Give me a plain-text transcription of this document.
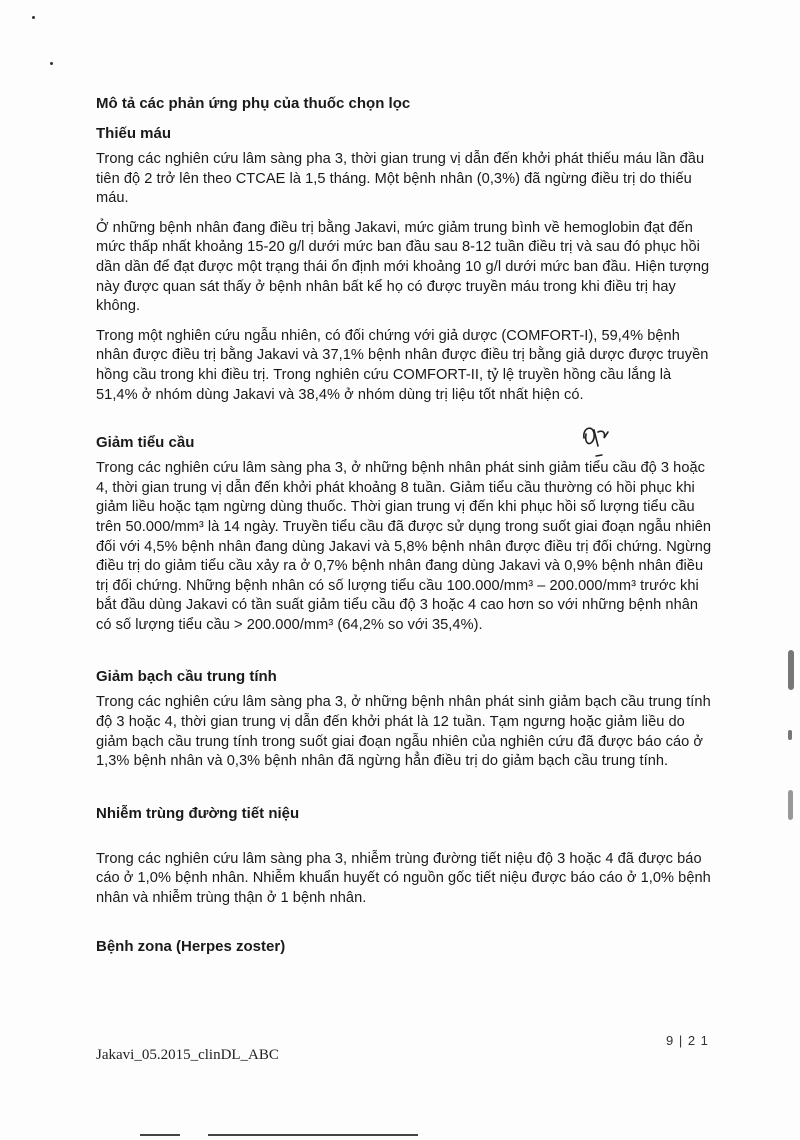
Mô tả các phản ứng phụ của thuốc chọn lọc
Thiếu máu

Trong các nghiên cứu lâm sàng pha 3, thời gian trung vị dẫn đến khởi phát thiếu máu lần đầu tiên độ 2 trở lên theo CTCAE là 1,5 tháng. Một bệnh nhân (0,3%) đã ngừng điều trị do thiếu máu.

Ở những bệnh nhân đang điều trị bằng Jakavi, mức giảm trung bình về hemoglobin đạt đến mức thấp nhất khoảng 15-20 g/l dưới mức ban đầu sau 8-12 tuần điều trị và sau đó phục hồi dần dần để đạt được một trạng thái ổn định mới khoảng 10 g/l dưới mức ban đầu. Hiện tượng này được quan sát thấy ở bệnh nhân bất kể họ có được truyền máu trong khi điều trị hay không.

Trong một nghiên cứu ngẫu nhiên, có đối chứng với giả dược (COMFORT-I), 59,4% bệnh nhân được điều trị bằng Jakavi và 37,1% bệnh nhân được điều trị bằng giả dược được truyền hồng cầu trong khi điều trị. Trong nghiên cứu COMFORT-II, tỷ lệ truyền hồng cầu lắng là 51,4% ở nhóm dùng Jakavi và 38,4% ở nhóm dùng trị liệu tốt nhất hiện có.

Giảm tiểu cầu

Trong các nghiên cứu lâm sàng pha 3, ở những bệnh nhân phát sinh giảm tiểu cầu độ 3 hoặc 4, thời gian trung vị dẫn đến khởi phát khoảng 8 tuần. Giảm tiểu cầu thường có hồi phục khi giảm liều hoặc tạm ngừng dùng thuốc. Thời gian trung vị đến khi phục hồi số lượng tiểu cầu trên 50.000/mm³ là 14 ngày. Truyền tiểu cầu đã được sử dụng trong suốt giai đoạn ngẫu nhiên đối với 4,5% bệnh nhân đang dùng Jakavi và 5,8% bệnh nhân được điều trị đối chứng. Ngừng điều trị do giảm tiểu cầu xảy ra ở 0,7% bệnh nhân đang dùng Jakavi và 0,9% bệnh nhân điều trị đối chứng. Những bệnh nhân có số lượng tiểu cầu 100.000/mm³ – 200.000/mm³ trước khi bắt đầu dùng Jakavi có tần suất giảm tiểu cầu độ 3 hoặc 4 cao hơn so với những bệnh nhân có số lượng tiểu cầu > 200.000/mm³ (64,2% so với 35,4%).

Giảm bạch cầu trung tính

Trong các nghiên cứu lâm sàng pha 3, ở những bệnh nhân phát sinh giảm bạch cầu trung tính độ 3 hoặc 4, thời gian trung vị dẫn đến khởi phát là 12 tuần. Tạm ngưng hoặc giảm liều do giảm bạch cầu trung tính trong suốt giai đoạn ngẫu nhiên của nghiên cứu đã được báo cáo ở 1,3% bệnh nhân và 0,3% bệnh nhân đã ngừng hẳn điều trị do giảm bạch cầu trung tính.

Nhiễm trùng đường tiết niệu

Trong các nghiên cứu lâm sàng pha 3, nhiễm trùng đường tiết niệu độ 3 hoặc 4 đã được báo cáo ở 1,0% bệnh nhân. Nhiễm khuẩn huyết có nguồn gốc tiết niệu được báo cáo ở 1,0% bệnh nhân và nhiễm trùng thận ở 1 bệnh nhân.

Bệnh zona (Herpes zoster)
9 | 2 1
Jakavi_05.2015_clinDL_ABC
